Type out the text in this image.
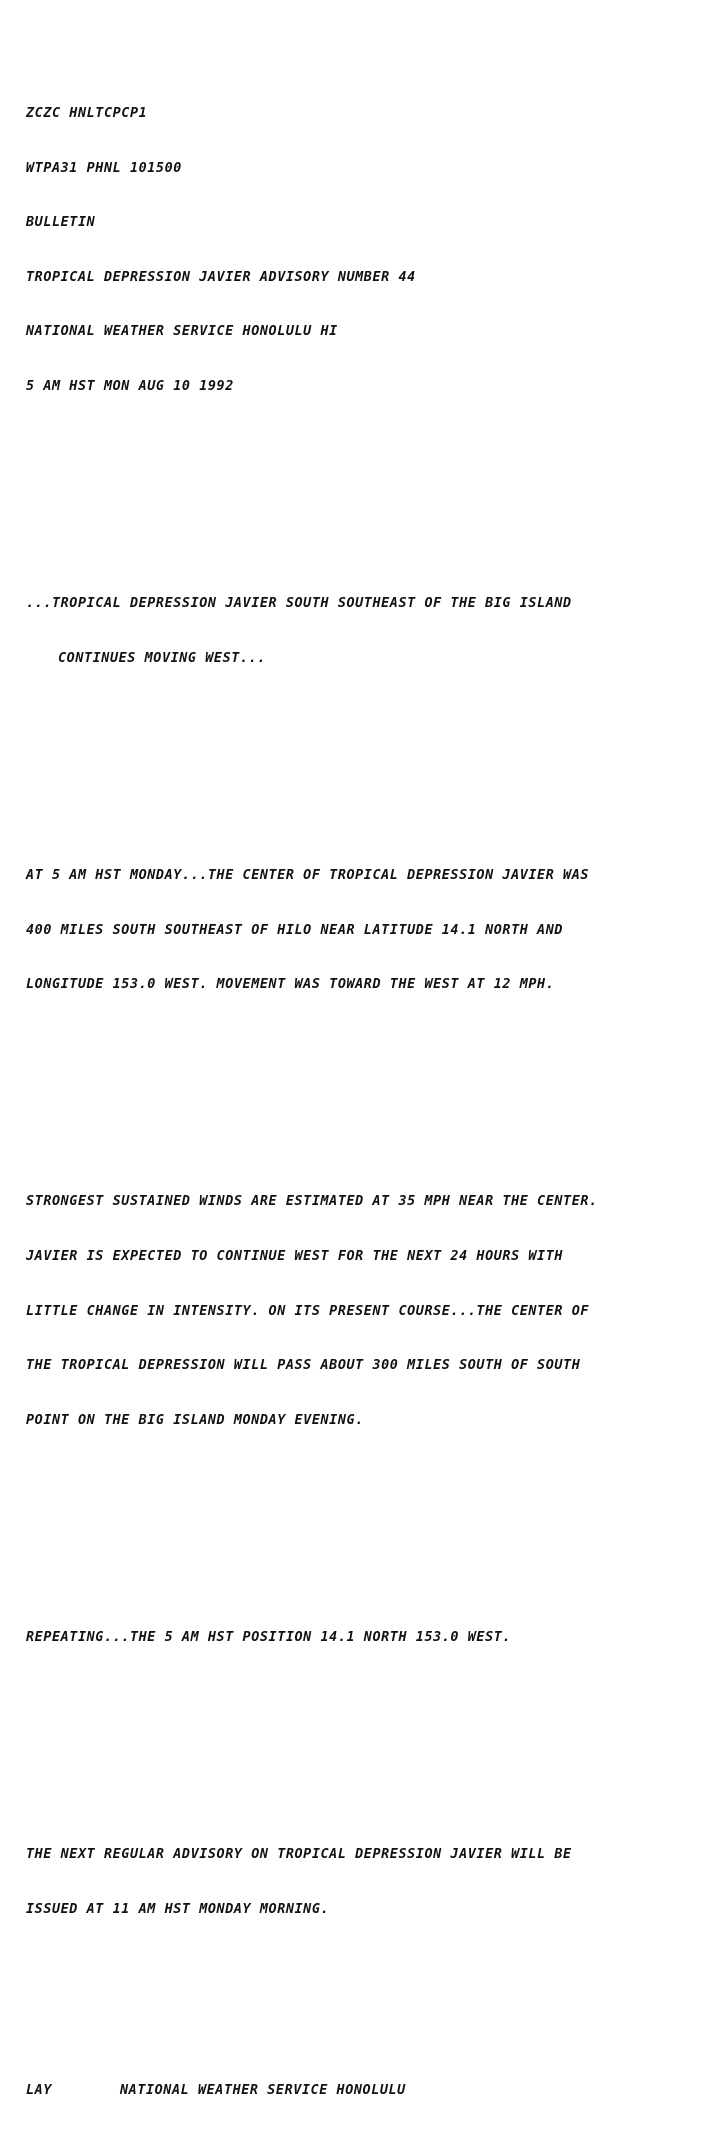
ZCZC HNLTCPCP1

WTPA31 PHNL 101500

BULLETIN

TROPICAL DEPRESSION JAVIER ADVISORY NUMBER 44

NATIONAL WEATHER SERVICE HONOLULU HI

5 AM HST MON AUG 10 1992

...TROPICAL DEPRESSION JAVIER SOUTH SOUTHEAST OF THE BIG ISLAND

CONTINUES MOVING WEST...

AT 5 AM HST MONDAY...THE CENTER OF TROPICAL DEPRESSION JAVIER WAS

400 MILES SOUTH SOUTHEAST OF HILO NEAR LATITUDE 14.1 NORTH AND

LONGITUDE 153.0 WEST. MOVEMENT WAS TOWARD THE WEST AT 12 MPH.

STRONGEST SUSTAINED WINDS ARE ESTIMATED AT 35 MPH NEAR THE CENTER.

JAVIER IS EXPECTED TO CONTINUE WEST FOR THE NEXT 24 HOURS WITH

LITTLE CHANGE IN INTENSITY. ON ITS PRESENT COURSE...THE CENTER OF

THE TROPICAL DEPRESSION WILL PASS ABOUT 300 MILES SOUTH OF SOUTH

POINT ON THE BIG ISLAND MONDAY EVENING.

REPEATING...THE 5 AM HST POSITION 14.1 NORTH 153.0 WEST.

THE NEXT REGULAR ADVISORY ON TROPICAL DEPRESSION JAVIER WILL BE

ISSUED AT 11 AM HST MONDAY MORNING.

LAY	NATIONAL WEATHER SERVICE HONOLULU
